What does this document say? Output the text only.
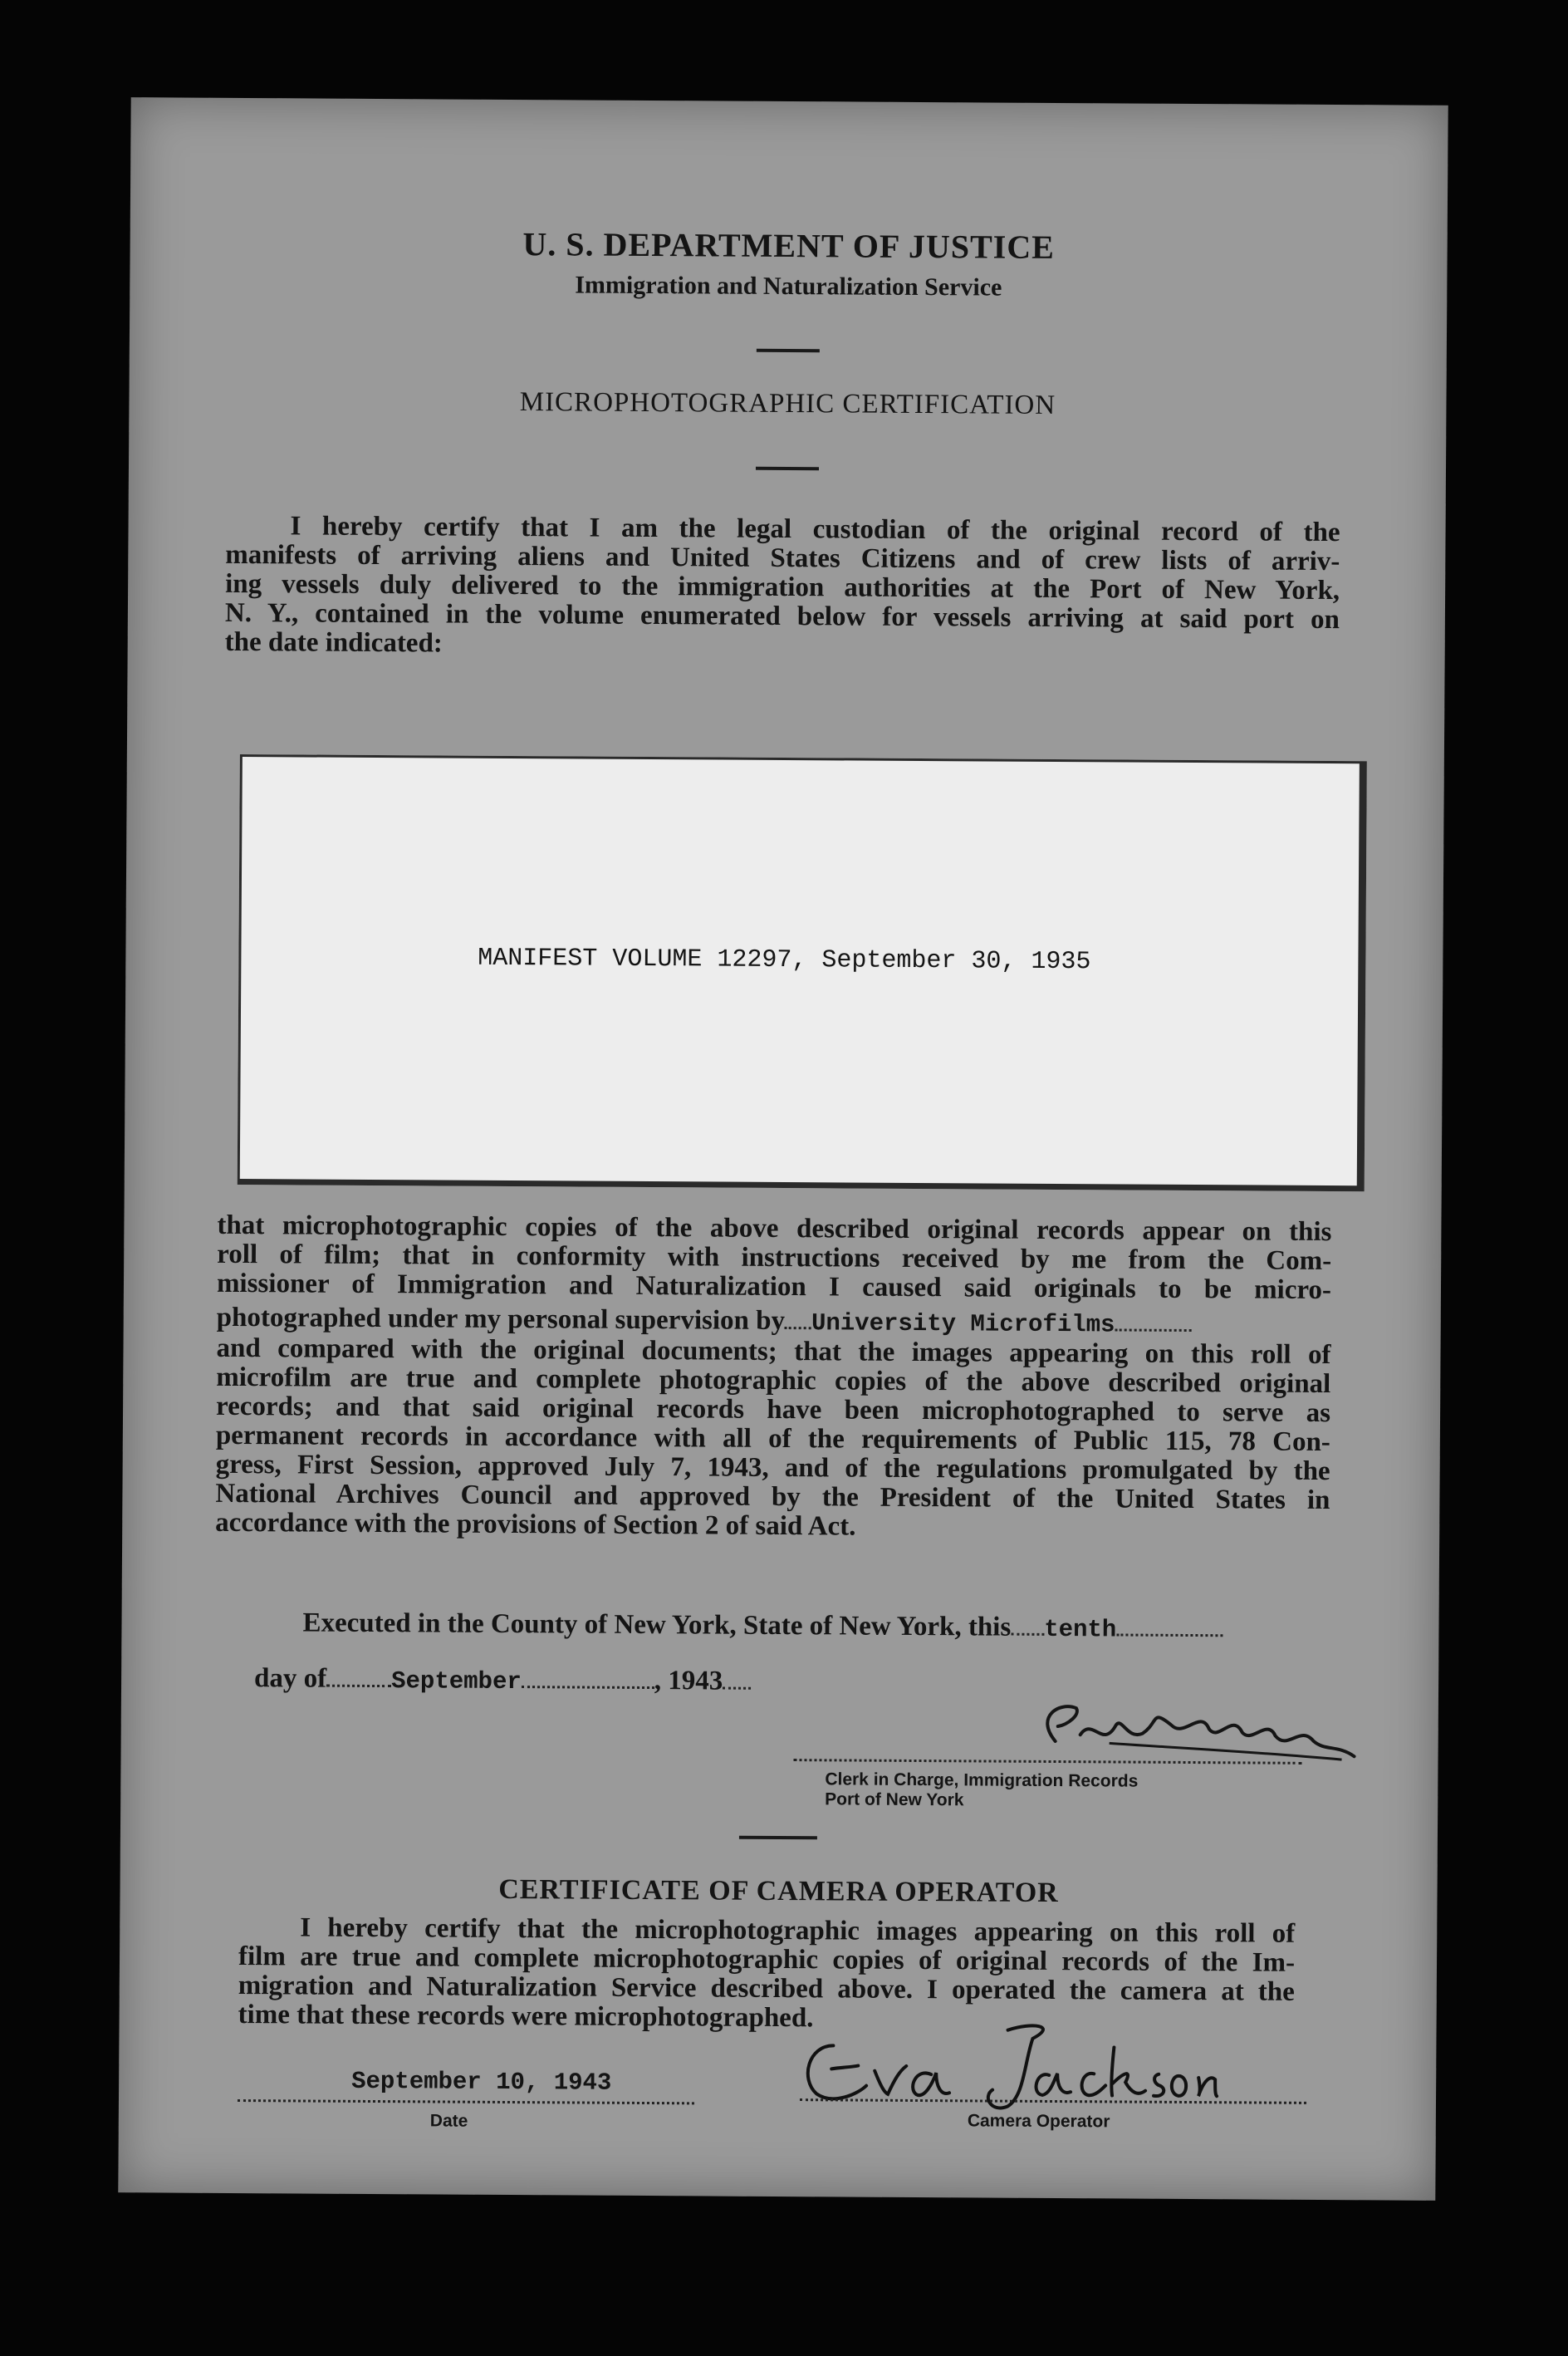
U. S. DEPARTMENT OF JUSTICE
Immigration and Naturalization Service
MICROPHOTOGRAPHIC CERTIFICATION
I hereby certify that I am the legal custodian of the original record of the
manifests of arriving aliens and United States Citizens and of crew lists of arriv-
ing vessels duly delivered to the immigration authorities at the Port of New York,
N. Y., contained in the volume enumerated below for vessels arriving at said port on
the date indicated:
MANIFEST VOLUME 12297, September 30, 1935
that microphotographic copies of the above described original records appear on this
roll of film; that in conformity with instructions received by me from the Com-
missioner of Immigration and Naturalization I caused said originals to be micro-
photographed under my personal supervision by University Microfilms
and compared with the original documents; that the images appearing on this roll of
microfilm are true and complete photographic copies of the above described original
records; and that said original records have been microphotographed to serve as
permanent records in accordance with all of the requirements of Public 115, 78 Con-
gress, First Session, approved July 7, 1943, and of the regulations promulgated by the
National Archives Council and approved by the President of the United States in
accordance with the provisions of Section 2 of said Act.
Executed in the County of New York, State of New York, this tenth
day of	September	, 1943
Clerk in Charge, Immigration Records
Port of New York
CERTIFICATE OF CAMERA OPERATOR
I hereby certify that the microphotographic images appearing on this roll of
film are true and complete microphotographic copies of original records of the Im-
migration and Naturalization Service described above. I operated the camera at the
time that these records were microphotographed.
September 10, 1943
Date	Camera Operator
